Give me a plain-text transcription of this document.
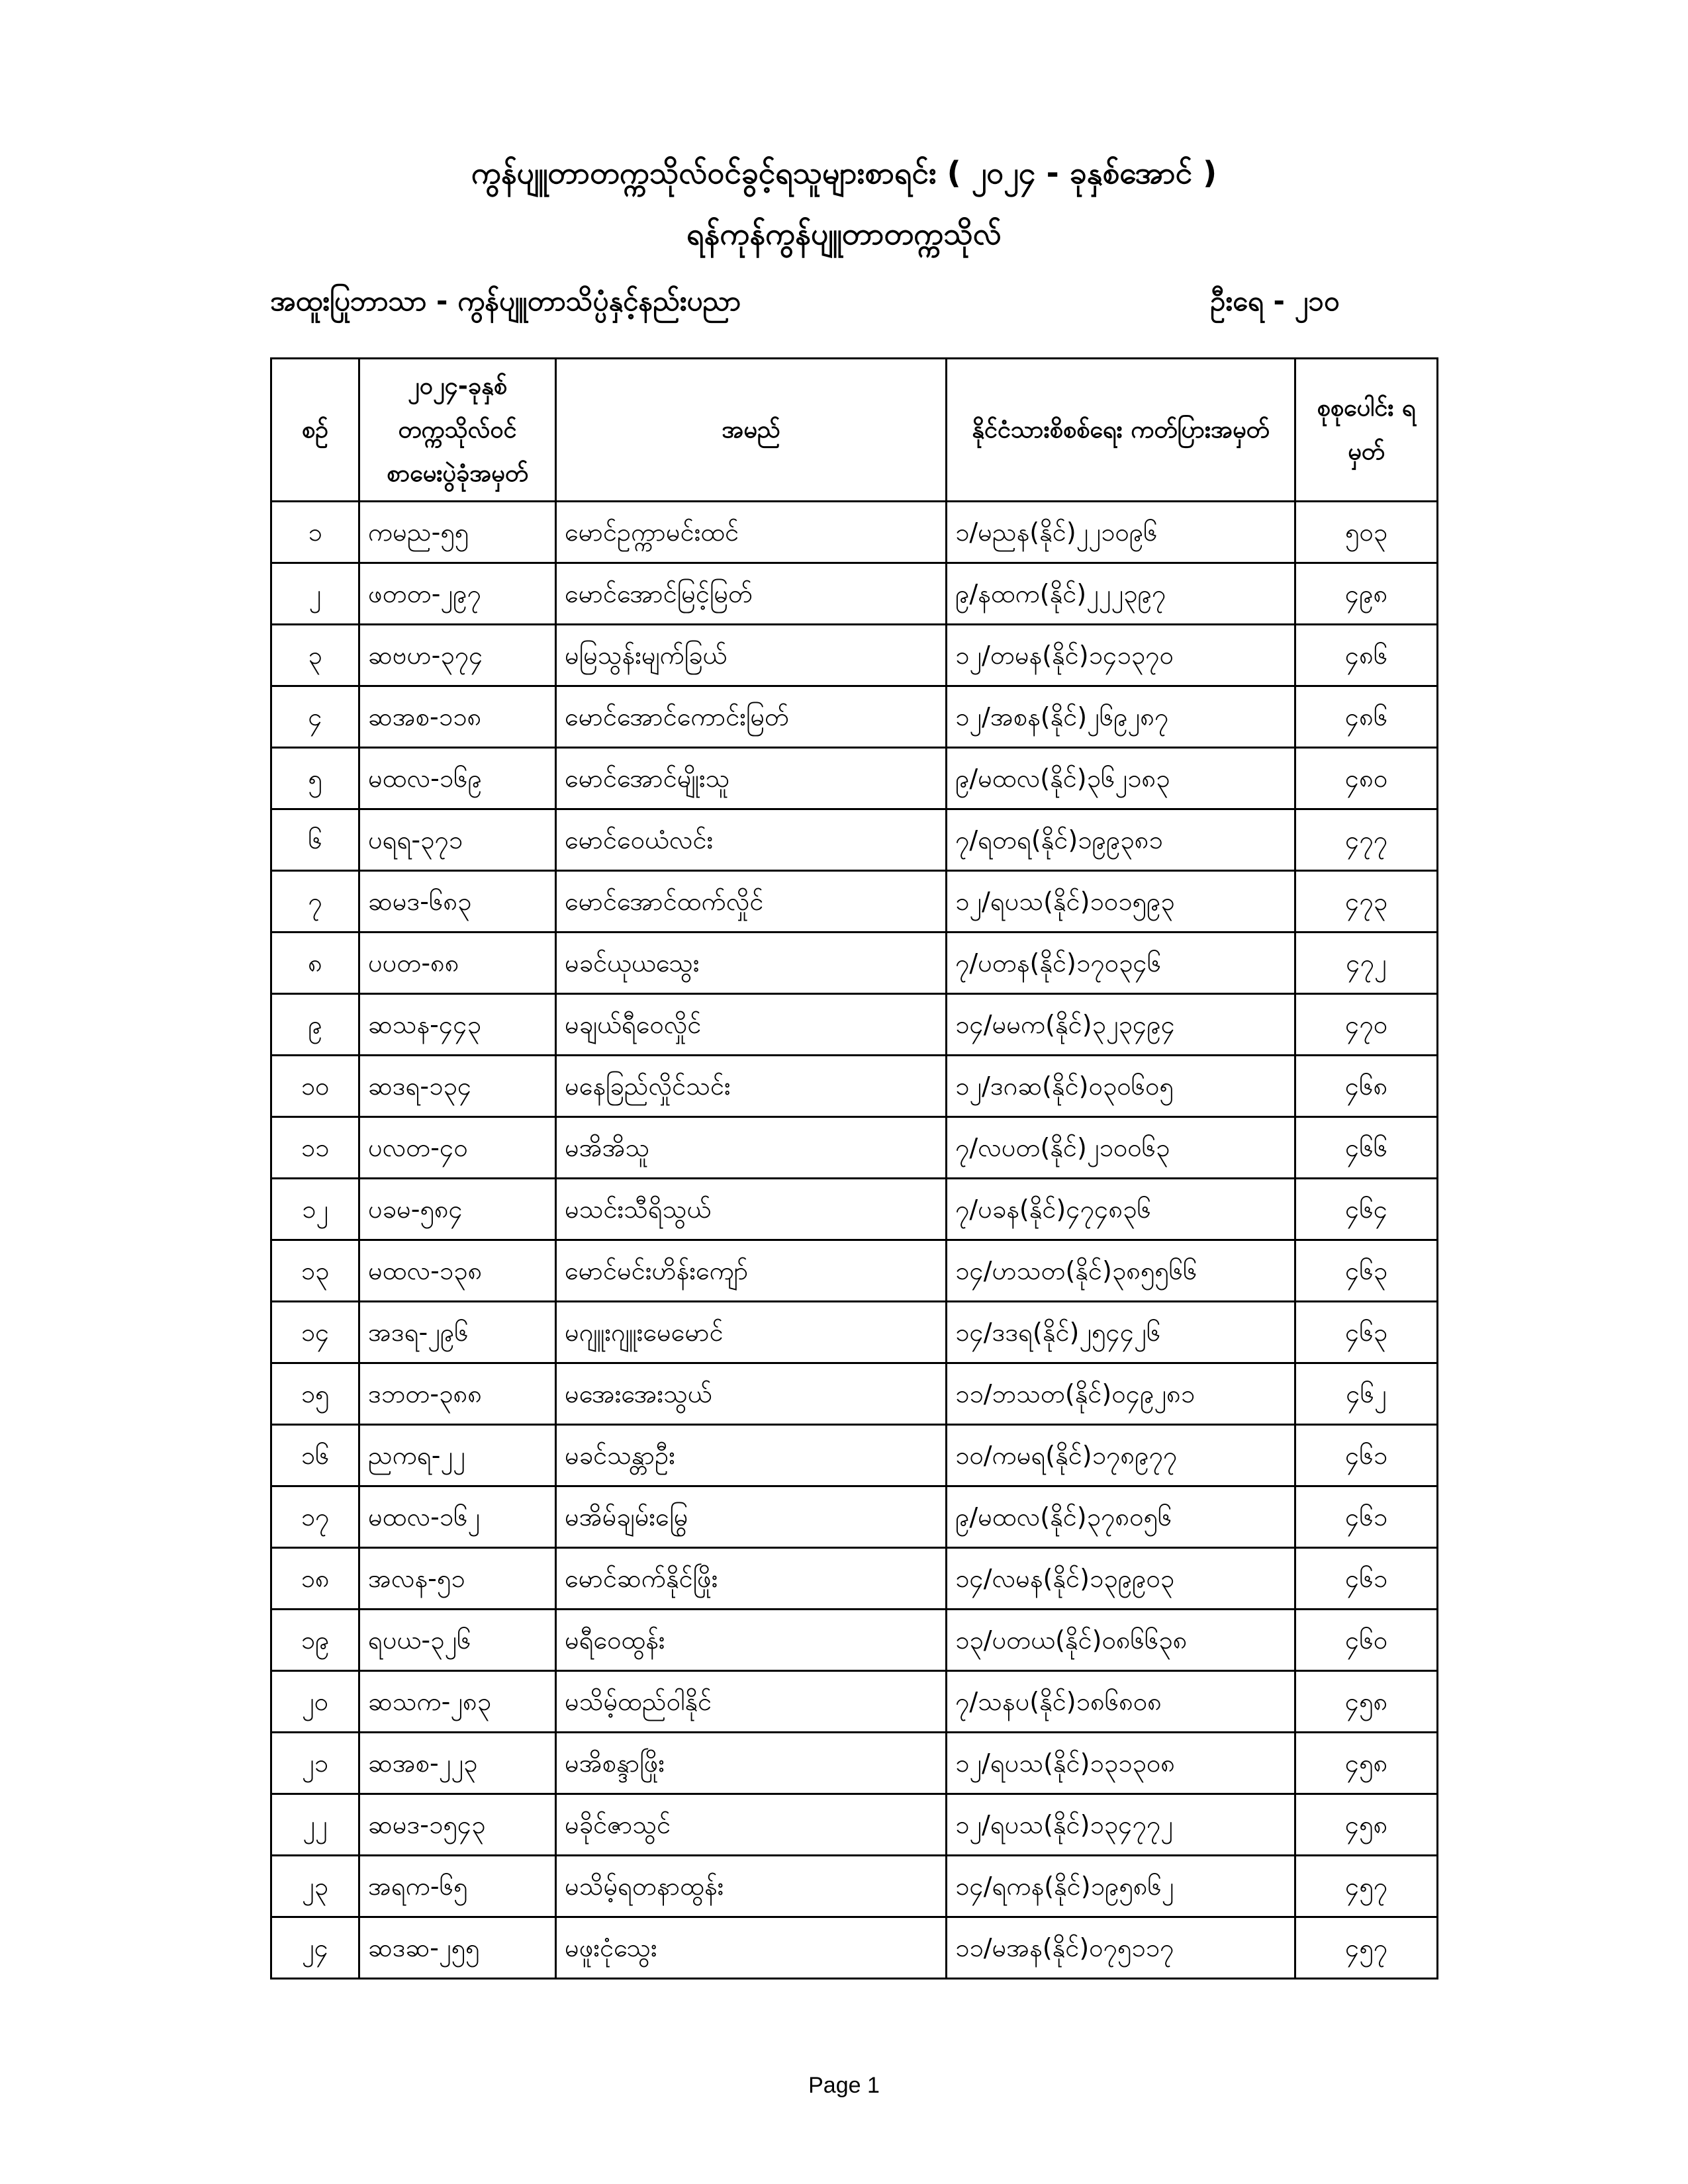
ကွန်ပျူတာတက္ကသိုလ်ဝင်ခွင့်ရသူများစာရင်း ( ၂၀၂၄ - ခုနှစ်အောင် )
ရန်ကုန်ကွန်ပျူတာတက္ကသိုလ်
အထူးပြုဘာသာ - ကွန်ပျူတာသိပ္ပံနှင့်နည်းပညာ	ဦးရေ - ၂၁၀
စဉ်	၂၀၂၄-ခုနှစ် တက္ကသိုလ်ဝင် စာမေးပွဲခုံအမှတ်	အမည်	နိုင်ငံသားစိစစ်ရေး ကတ်ပြားအမှတ်	စုစုပေါင်း ရမှတ်
၁	ကမည-၅၅	မောင်ဥက္ကာမင်းထင်	၁/မညန(နိုင်)၂၂၁၀၉၆	၅၀၃
၂	ဖတတ-၂၉၇	မောင်အောင်မြင့်မြတ်	၉/နထက(နိုင်)၂၂၂၃၉၇	၄၉၈
၃	ဆဗဟ-၃၇၄	မမြသွန်းမျက်ခြယ်	၁၂/တမန(နိုင်)၁၄၁၃၇၀	၄၈၆
၄	ဆအစ-၁၁၈	မောင်အောင်ကောင်းမြတ်	၁၂/အစန(နိုင်)၂၆၉၂၈၇	၄၈၆
၅	မထလ-၁၆၉	မောင်အောင်မျိုးသူ	၉/မထလ(နိုင်)၃၆၂၁၈၃	၄၈၀
၆	ပရရ-၃၇၁	မောင်ဝေယံလင်း	၇/ရတရ(နိုင်)၁၉၉၃၈၁	၄၇၇
၇	ဆမဒ-၆၈၃	မောင်အောင်ထက်လှိုင်	၁၂/ရပသ(နိုင်)၁၀၁၅၉၃	၄၇၃
၈	ပပတ-၈၈	မခင်ယုယသွေး	၇/ပတန(နိုင်)၁၇၀၃၄၆	၄၇၂
၉	ဆသန-၄၄၃	မချယ်ရီဝေလှိုင်	၁၄/မမက(နိုင်)၃၂၃၄၉၄	၄၇၀
၁၀	ဆဒရ-၁၃၄	မနေခြည်လှိုင်သင်း	၁၂/ဒဂဆ(နိုင်)၀၃၀၆၀၅	၄၆၈
၁၁	ပလတ-၄၀	မအိအိသူ	၇/လပတ(နိုင်)၂၁၀၀၆၃	၄၆၆
၁၂	ပခမ-၅၈၄	မသင်းသီရိသွယ်	၇/ပခန(နိုင်)၄၇၄၈၃၆	၄၆၄
၁၃	မထလ-၁၃၈	မောင်မင်းဟိန်းကျော်	၁၄/ဟသတ(နိုင်)၃၈၅၅၆၆	၄၆၃
၁၄	အဒရ-၂၉၆	မဂျူးဂျူးမေမောင်	၁၄/ဒဒရ(နိုင်)၂၅၄၄၂၆	၄၆၃
၁၅	ဒဘတ-၃၈၈	မအေးအေးသွယ်	၁၁/ဘသတ(နိုင်)၀၄၉၂၈၁	၄၆၂
၁၆	ညကရ-၂၂	မခင်သန္တာဦး	၁၀/ကမရ(နိုင်)၁၇၈၉၇၇	၄၆၁
၁၇	မထလ-၁၆၂	မအိမ်ချမ်းမြွေ	၉/မထလ(နိုင်)၃၇၈၀၅၆	၄၆၁
၁၈	အလန-၅၁	မောင်ဆက်နိုင်ဖြိုး	၁၄/လမန(နိုင်)၁၃၉၉၀၃	၄၆၁
၁၉	ရပယ-၃၂၆	မရီဝေထွန်း	၁၃/ပတယ(နိုင်)၀၈၆၆၃၈	၄၆၀
၂၀	ဆသက-၂၈၃	မသိမ့်ထည်ဝါနိုင်	၇/သနပ(နိုင်)၁၈၆၈၀၈	၄၅၈
၂၁	ဆအစ-၂၂၃	မအိစန္ဒာဖြိုး	၁၂/ရပသ(နိုင်)၁၃၁၃၀၈	၄၅၈
၂၂	ဆမဒ-၁၅၄၃	မခိုင်ဇာသွင်	၁၂/ရပသ(နိုင်)၁၃၄၇၇၂	၄၅၈
၂၃	အရက-၆၅	မသိမ့်ရတနာထွန်း	၁၄/ရကန(နိုင်)၁၉၅၈၆၂	၄၅၇
၂၄	ဆဒဆ-၂၅၅	မဖူးငုံသွေး	၁၁/မအန(နိုင်)၀၇၅၁၁၇	၄၅၇
Page 1
